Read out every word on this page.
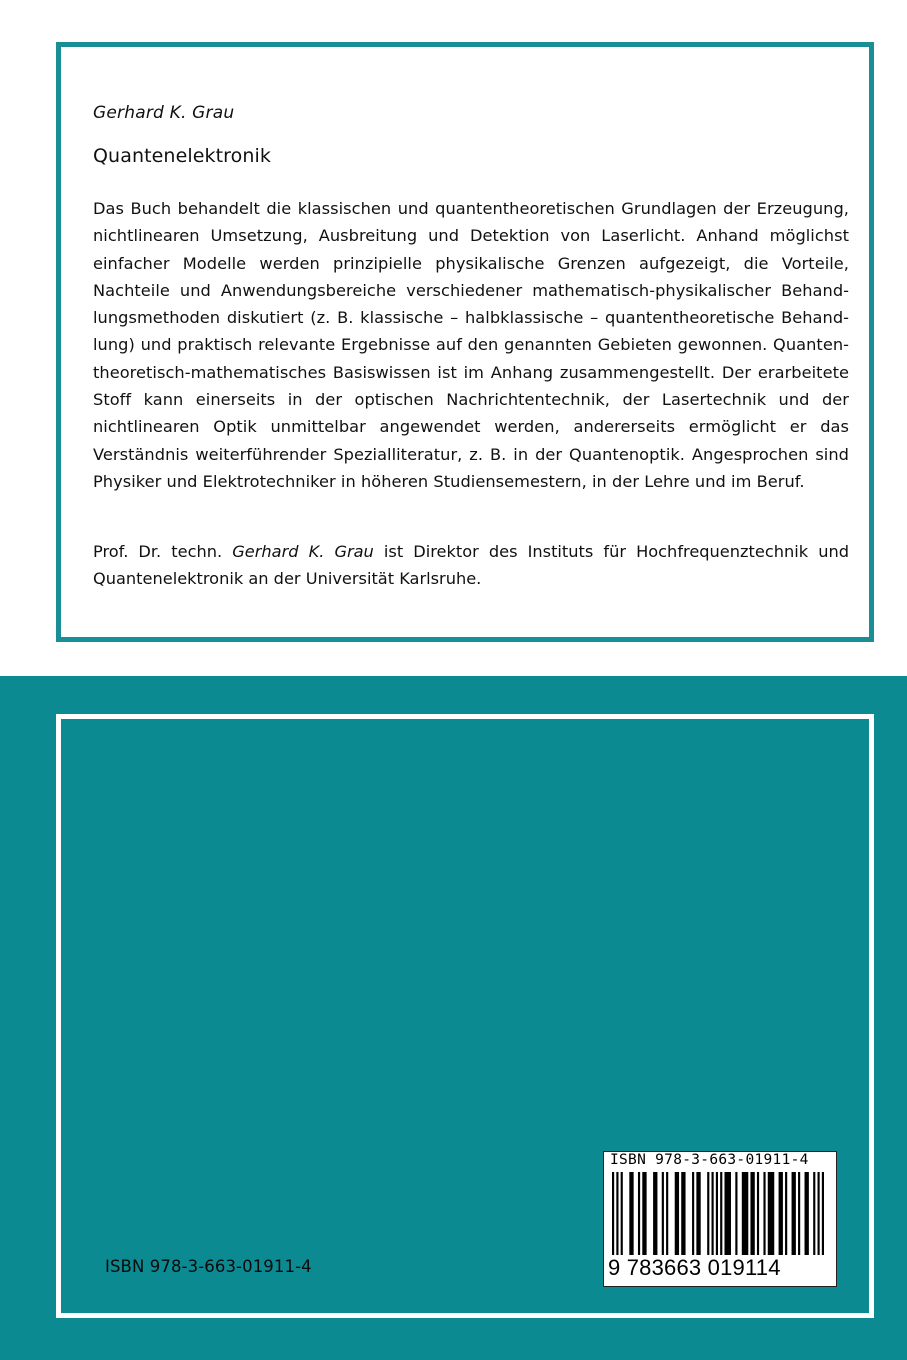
Gerhard K. Grau
Quantenelektronik
Das Buch behandelt die klassischen und quantentheoretischen Grundlagen der Erzeugung, nichtlinearen Umsetzung, Ausbreitung und Detektion von Laserlicht. Anhand möglichst einfacher Modelle werden prinzipielle physikalische Grenzen aufgezeigt, die Vorteile, Nachteile und Anwendungsbereiche verschiedener mathematisch-physikalischer Behandlungsmethoden diskutiert (z. B. klassische – halbklassische – quantentheoretische Behandlung) und praktisch relevante Ergebnisse auf den genannten Gebieten gewonnen. Quantentheoretisch-mathematisches Basiswissen ist im Anhang zusammengestellt. Der erarbeitete Stoff kann einerseits in der optischen Nachrichtentechnik, der Lasertechnik und der nichtlinearen Optik unmittelbar angewendet werden, andererseits ermöglicht er das Verständnis weiterführender Spezialliteratur, z. B. in der Quantenoptik. Angesprochen sind Physiker und Elektrotechniker in höheren Studiensemestern, in der Lehre und im Beruf.
Prof. Dr. techn. Gerhard K. Grau ist Direktor des Instituts für Hochfrequenztechnik und Quantenelektronik an der Universität Karlsruhe.
ISBN 978-3-663-01911-4
ISBN 978-3-663-01911-4
9 783663 019114
